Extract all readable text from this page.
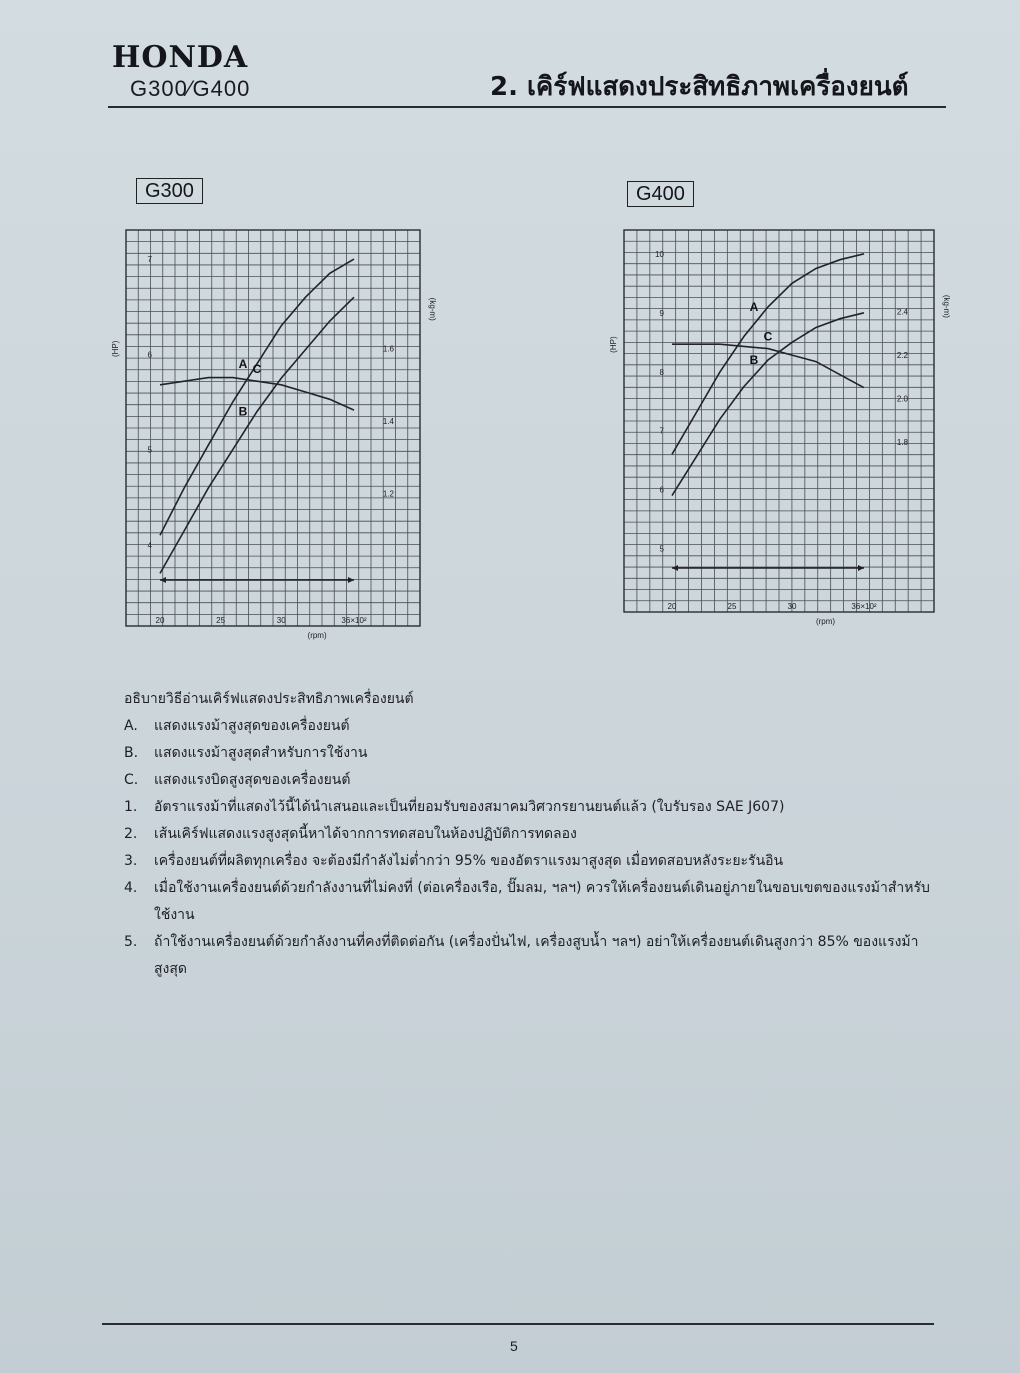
HONDA
G300⁄G400	2. เคิร์ฟแสดงประสิทธิภาพเครื่องยนต์
G300	G400
20	25	30	36×10²
4
5
6
7
1.2
1.4
1.6
(HP)
(kg-m)
(rpm)
A
B
C
20	25	30	36×10²
5
6
7
8
9
10
1.8
2.0
2.2
2.4
(HP)
(kg-m)
(rpm)
A
B
C
อธิบายวิธีอ่านเคิร์ฟแสดงประสิทธิภาพเครื่องยนต์
A.	แสดงแรงม้าสูงสุดของเครื่องยนต์
B.	แสดงแรงม้าสูงสุดสำหรับการใช้งาน
C.	แสดงแรงบิดสูงสุดของเครื่องยนต์
1.	อัตราแรงม้าที่แสดงไว้นี้ได้นำเสนอและเป็นที่ยอมรับของสมาคมวิศวกรยานยนต์แล้ว (ใบรับรอง SAE J607)
2.	เส้นเคิร์ฟแสดงแรงสูงสุดนี้หาได้จากการทดสอบในห้องปฏิบัติการทดลอง
3.	เครื่องยนต์ที่ผลิตทุกเครื่อง จะต้องมีกำลังไม่ต่ำกว่า 95% ของอัตราแรงมาสูงสุด เมื่อทดสอบหลังระยะรันอิน
4.	เมื่อใช้งานเครื่องยนต์ด้วยกำลังงานที่ไม่คงที่ (ต่อเครื่องเรือ, ปั๊มลม, ฯลฯ) ควรให้เครื่องยนต์เดินอยู่ภายในขอบเขตของแรงม้าสำหรับใช้งาน
5.	ถ้าใช้งานเครื่องยนต์ด้วยกำลังงานที่คงที่ติดต่อกัน (เครื่องปั่นไฟ, เครื่องสูบน้ำ ฯลฯ) อย่าให้เครื่องยนต์เดินสูงกว่า 85% ของแรงม้าสูงสุด
5
